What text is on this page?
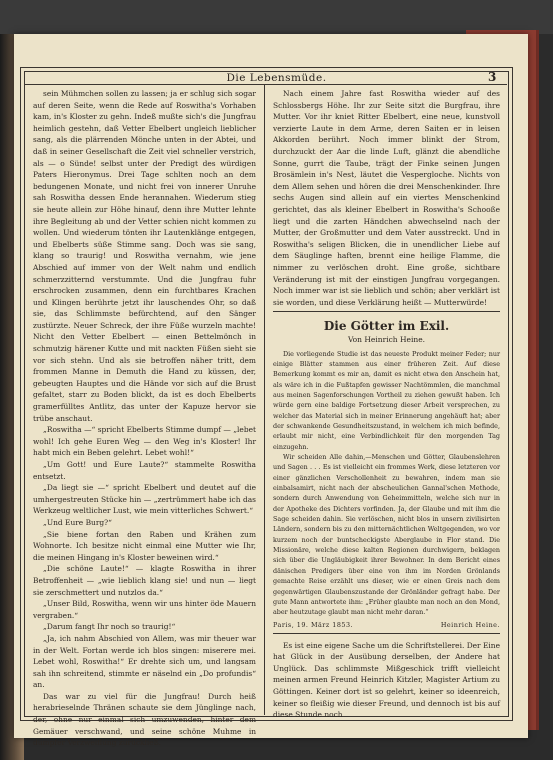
Die Lebensmüde.	3

sein Mühmchen sollen zu lassen; ja er schlug sich sogar auf deren Seite, wenn die Rede auf Roswitha's Vorhaben kam, in's Kloster zu gehn. Indeß mußte sich's die Jungfrau heimlich gestehn, daß Vetter Ebelbert ungleich lieblicher sang, als die plärrenden Mönche unten in der Abtei, und daß in seiner Gesellschaft die Zeit viel schneller verstrich, als — o Sünde! selbst unter der Predigt des würdigen Paters Hieronymus. Drei Tage schlten noch an dem bedungenen Monate, und nicht frei von innerer Unruhe sah Roswitha dessen Ende herannahen. Wiederum stieg sie heute allein zur Höhe hinauf, denn ihre Mutter lehnte ihre Begleitung ab und der Vetter schien nicht kommen zu wollen. Und wiederum tönten ihr Lautenklänge entgegen, und Ebelberts süße Stimme sang. Doch was sie sang, klang so traurig! und Roswitha vernahm, wie jene Abschied auf immer von der Welt nahm und endlich schmerzzitternd verstummte. Und die Jungfrau fuhr erschrocken zusammen, denn ein furchtbares Krachen und Klingen berührte jetzt ihr lauschendes Ohr, so daß sie, das Schlimmste befürchtend, auf den Sänger zustürzte. Neuer Schreck, der ihre Füße wurzeln machte! Nicht den Vetter Ebelbert — einen Bettelmönch in schmutzig härener Kutte und mit nackten Füßen sieht sie vor sich stehn. Und als sie betroffen näher tritt, dem frommen Manne in Demuth die Hand zu küssen, der, gebeugten Hauptes und die Hände vor sich auf die Brust gefaltet, starr zu Boden blickt, da ist es doch Ebelberts gramerfülltes Antlitz, das unter der Kapuze hervor sie trübe anschaut.

„Roswitha —“ spricht Ebelberts Stimme dumpf — „lebet wohl! Ich gehe Euren Weg — den Weg in's Kloster! Ihr habt mich ein Beben gelehrt. Lebet wohl!“

„Um Gott! und Eure Laute?“ stammelte Roswitha entsetzt.

„Da liegt sie —“ spricht Ebelbert und deutet auf die umhergestreuten Stücke hin — „zertrümmert habe ich das Werkzeug weltlicher Lust, wie mein vitterliches Schwert.“

„Und Eure Burg?“

„Sie biene fortan den Raben und Krähen zum Wohnorte. Ich besitze nicht einmal eine Mutter wie Ihr, die meinen Hingang in's Kloster beweinen wird.“

„Die schöne Laute!“ — klagte Roswitha in ihrer Betroffenheit — „wie lieblich klang sie! und nun — liegt sie zerschmettert und nutzlos da.“

„Unser Bild, Roswitha, wenn wir uns hinter öde Mauern vergraben.“

„Darum fangt Ihr noch so traurig!“

„Ja, ich nahm Abschied von Allem, was mir theuer war in der Welt. Fortan werde ich blos singen: miserere mei. Lebet wohl, Roswitha!“ Er drehte sich um, und langsam sah ihn schreitend, stimmte er näselnd ein „Do profundis“ an.

Das war zu viel für die Jungfrau! Durch heiß herabrieselnde Thränen schaute sie dem Jünglinge nach, der, ohne nur einmal sich umzuwenden, hinter dem Gemäuer verschwand, und seine schöne Muhme in dumpfer Verzweiflung zurückließ.

Nach einem Jahre fast Roswitha wieder auf des Schlossbergs Höhe. Ihr zur Seite sitzt die Burgfrau, ihre Mutter. Vor ihr kniet Ritter Ebelbert, eine neue, kunstvoll verzierte Laute in dem Arme, deren Saiten er in leisen Akkorden berührt. Noch immer blinkt der Strom, durchzuckt der Aar die linde Luft, glänzt die abendliche Sonne, gurrt die Taube, trägt der Finke seinen Jungen Brosämlein in's Nest, läutet die Vespergloche. Nichts von dem Allem sehen und hören die drei Menschenkinder. Ihre sechs Augen sind allein auf ein viertes Menschenkind gerichtet, das als kleiner Ebelbert in Roswitha's Schooße liegt und die zarten Händchen abwechselnd nach der Mutter, der Großmutter und dem Vater ausstreckt. Und in Roswitha's seligen Blicken, die in unendlicher Liebe auf dem Säuglinge haften, brennt eine heilige Flamme, die nimmer zu verlöschen droht. Eine große, sichtbare Veränderung ist mit der einstigen Jungfrau vorgegangen. Noch immer war ist sie lieblich und schön; aber verklärt ist sie worden, und diese Verklärung heißt — Mutterwürde!

Die Götter im Exil.
Von Heinrich Heine.

Die vorliegende Studie ist das neueste Produkt meiner Feder; nur einige Blätter stammen aus einer früheren Zeit. Auf diese Bemerkung kommt es mir an, damit es nicht etwa den Anschein hat, als wäre ich in die Fußtapfen gewisser Nachtömmlen, die manchmal aus meinen Sagenforschungen Vortheil zu ziehen gewußt haben. Ich würde gern eine baldige Fortsetzung dieser Arbeit versprechen, zu welcher das Material sich in meiner Erinnerung angehäuft hat; aber der schwankende Gesundheitszustand, in welchem ich mich befinde, erlaubt mir nicht, eine Verbindlichkeit für den morgenden Tag einzugehn.

Wir scheiden Alle dahin,—Menschen und Götter, Glaubenslehren und Sagen . . . Es ist vielleicht ein frommes Werk, diese letzteren vor einer gänzlichen Verschollenheit zu bewahren, indem man sie einbalsamirt, nicht nach der abscheulichen Gannal'schen Methode, sondern durch Anwendung von Geheimmitteln, welche sich nur in der Apotheke des Dichters vorfinden. Ja, der Glaube und mit ihm die Sage scheiden dahin. Sie verlöschen, nicht blos in unsern zivilisirten Ländern, sondern bis zu den mitternächtlichen Weltgegenden, wo vor kurzem noch der buntscheckigste Aberglaube in Flor stand. Die Missionäre, welche diese kalten Regionen durchwigern, beklagen sich über die Ungläubigkeit ihrer Bewohner. In dem Bericht eines dänischen Predigers über eine von ihm im Norden Grönlands gemachte Reise erzählt uns dieser, wie er einen Greis nach dem gegenwärtigen Glaubenszustande der Grönländer gefragt habe. Der gute Mann antwortete ihm: „Früher glaubte man noch an den Mond, aber heutzutage glaubt man nicht mehr daran.“

Paris, 19. März 1853.	Heinrich Heine.

Es ist eine eigene Sache um die Schriftstellerei. Der Eine hat Glück in der Ausübung derselben, der Andere hat Unglück. Das schlimmste Mißgeschick trifft vielleicht meinen armen Freund Heinrich Kitzler, Magister Artium zu Göttingen. Keiner dort ist so gelehrt, keiner so ideenreich, keiner so fleißig wie dieser Freund, und dennoch ist bis auf diese Stunde noch
